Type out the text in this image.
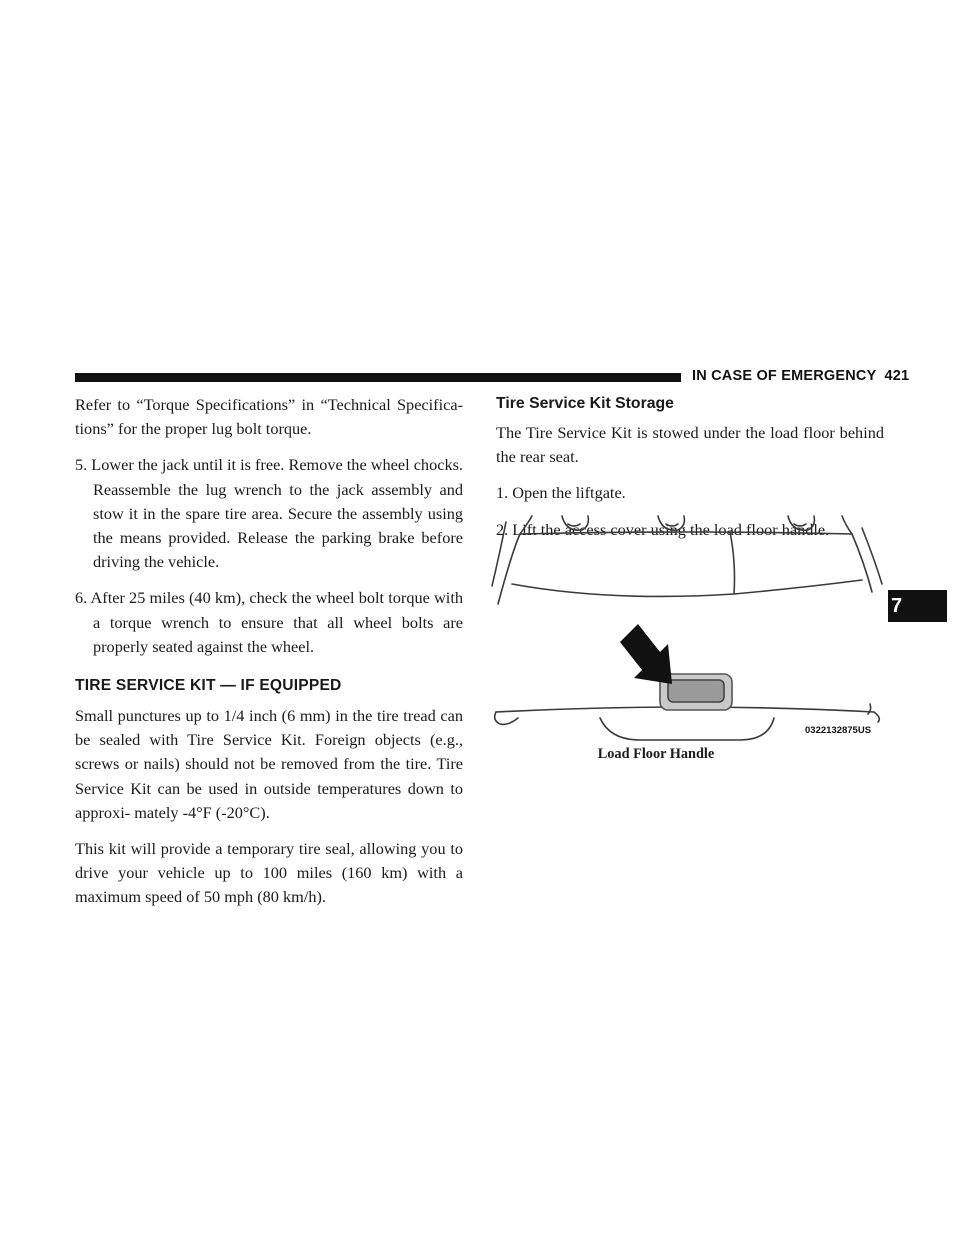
IN CASE OF EMERGENCY 421
7

Refer to “Torque Specifications” in “Technical Specifica- tions” for the proper lug bolt torque.

5. Lower the jack until it is free. Remove the wheel chocks. Reassemble the lug wrench to the jack assembly and stow it in the spare tire area. Secure the assembly using the means provided. Release the parking brake before driving the vehicle.

6. After 25 miles (40 km), check the wheel bolt torque with a torque wrench to ensure that all wheel bolts are properly seated against the wheel.

TIRE SERVICE KIT — IF EQUIPPED

Small punctures up to 1/4 inch (6 mm) in the tire tread can be sealed with Tire Service Kit. Foreign objects (e.g., screws or nails) should not be removed from the tire. Tire Service Kit can be used in outside temperatures down to approxi- mately -4°F (-20°C).

This kit will provide a temporary tire seal, allowing you to drive your vehicle up to 100 miles (160 km) with a maximum speed of 50 mph (80 km/h).

Tire Service Kit Storage

The Tire Service Kit is stowed under the load floor behind the rear seat.

1. Open the liftgate.

2. Lift the access cover using the load floor handle.

0322132875US
Load Floor Handle
